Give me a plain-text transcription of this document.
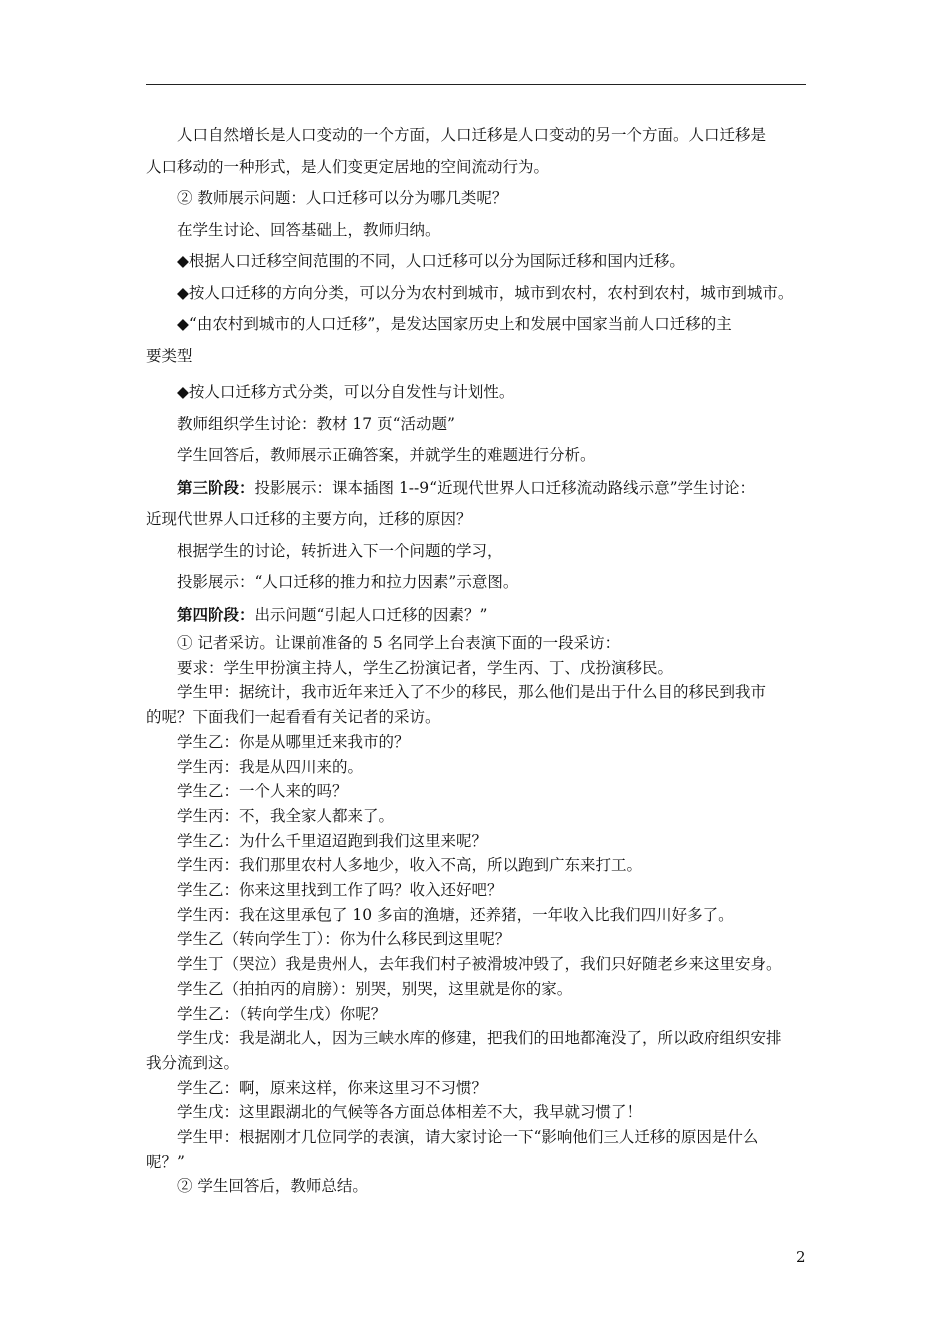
人口自然增长是人口变动的一个方面，人口迁移是人口变动的另一个方面。人口迁移是

人口移动的一种形式，是人们变更定居地的空间流动行为。

② 教师展示问题：人口迁移可以分为哪几类呢？

在学生讨论、回答基础上，教师归纳。

◆根据人口迁移空间范围的不同，人口迁移可以分为国际迁移和国内迁移。

◆按人口迁移的方向分类，可以分为农村到城市，城市到农村，农村到农村，城市到城市。

◆“由农村到城市的人口迁移”，是发达国家历史上和发展中国家当前人口迁移的主

要类型

◆按人口迁移方式分类，可以分自发性与计划性。

教师组织学生讨论：教材 17 页“活动题”

学生回答后，教师展示正确答案，并就学生的难题进行分析。

第三阶段：投影展示：课本插图 1--9“近现代世界人口迁移流动路线示意”学生讨论：

近现代世界人口迁移的主要方向，迁移的原因？

根据学生的讨论，转折进入下一个问题的学习，

投影展示：“人口迁移的推力和拉力因素”示意图。

第四阶段：出示问题“引起人口迁移的因素？”

① 记者采访。让课前准备的 5 名同学上台表演下面的一段采访：

要求：学生甲扮演主持人，学生乙扮演记者，学生丙、丁、戊扮演移民。

学生甲：据统计，我市近年来迁入了不少的移民，那么他们是出于什么目的移民到我市

的呢？下面我们一起看看有关记者的采访。

学生乙：你是从哪里迁来我市的？

学生丙：我是从四川来的。

学生乙：一个人来的吗？

学生丙：不，我全家人都来了。

学生乙：为什么千里迢迢跑到我们这里来呢？

学生丙：我们那里农村人多地少，收入不高，所以跑到广东来打工。

学生乙：你来这里找到工作了吗？收入还好吧？

学生丙：我在这里承包了 10 多亩的渔塘，还养猪，一年收入比我们四川好多了。

学生乙（转向学生丁）：你为什么移民到这里呢？

学生丁（哭泣）我是贵州人，去年我们村子被滑坡冲毁了，我们只好随老乡来这里安身。

学生乙（拍拍丙的肩膀）：别哭，别哭，这里就是你的家。

学生乙：（转向学生戊）你呢？

学生戊：我是湖北人，因为三峡水库的修建，把我们的田地都淹没了，所以政府组织安排

我分流到这。

学生乙：啊，原来这样，你来这里习不习惯？

学生戊：这里跟湖北的气候等各方面总体相差不大，我早就习惯了！

学生甲：根据刚才几位同学的表演，请大家讨论一下“影响他们三人迁移的原因是什么

呢？”

② 学生回答后，教师总结。

2
